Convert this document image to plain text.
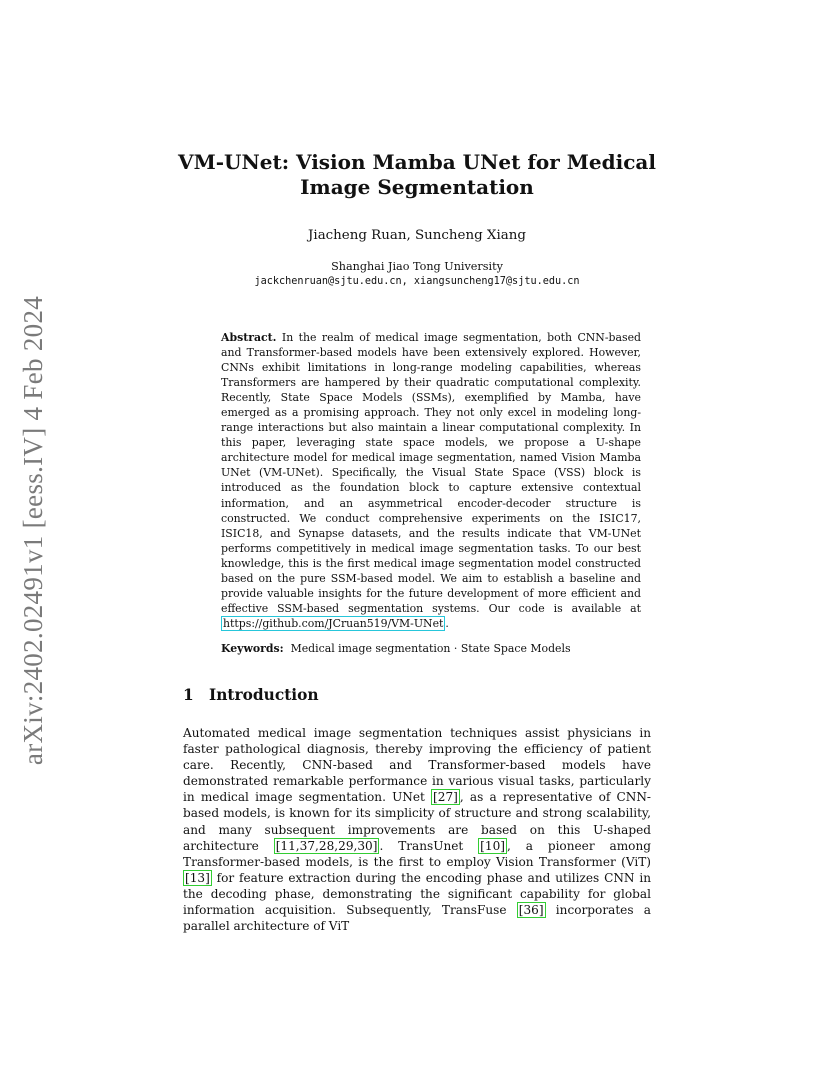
arXiv:2402.02491v1 [eess.IV] 4 Feb 2024
VM-UNet: Vision Mamba UNet for Medical
Image Segmentation
Jiacheng Ruan, Suncheng Xiang
Shanghai Jiao Tong University
jackchenruan@sjtu.edu.cn, xiangsuncheng17@sjtu.edu.cn
Abstract. In the realm of medical image segmentation, both CNN-based and Transformer-based models have been extensively explored. However, CNNs exhibit limitations in long-range modeling capabilities, whereas Transformers are hampered by their quadratic computational complexity. Recently, State Space Models (SSMs), exemplified by Mamba, have emerged as a promising approach. They not only excel in modeling long-range interactions but also maintain a linear computational complexity. In this paper, leveraging state space models, we propose a U-shape architecture model for medical image segmentation, named Vision Mamba UNet (VM-UNet). Specifically, the Visual State Space (VSS) block is introduced as the foundation block to capture extensive contextual information, and an asymmetrical encoder-decoder structure is constructed. We conduct comprehensive experiments on the ISIC17, ISIC18, and Synapse datasets, and the results indicate that VM-UNet performs competitively in medical image segmentation tasks. To our best knowledge, this is the first medical image segmentation model constructed based on the pure SSM-based model. We aim to establish a baseline and provide valuable insights for the future development of more efficient and effective SSM-based segmentation systems. Our code is available at https://github.com/JCruan519/VM-UNet .
Keywords: Medical image segmentation · State Space Models
1 Introduction
Automated medical image segmentation techniques assist physicians in faster pathological diagnosis, thereby improving the efficiency of patient care. Recently, CNN-based and Transformer-based models have demonstrated remarkable performance in various visual tasks, particularly in medical image segmentation. UNet [27] , as a representative of CNN-based models, is known for its simplicity of structure and strong scalability, and many subsequent improvements are based on this U-shaped architecture [11,37,28,29,30] . TransUnet [10] , a pioneer among Transformer-based models, is the first to employ Vision Transformer (ViT) [13] for feature extraction during the encoding phase and utilizes CNN in the decoding phase, demonstrating the significant capability for global information acquisition. Subsequently, TransFuse [36] incorporates a parallel architecture of ViT
